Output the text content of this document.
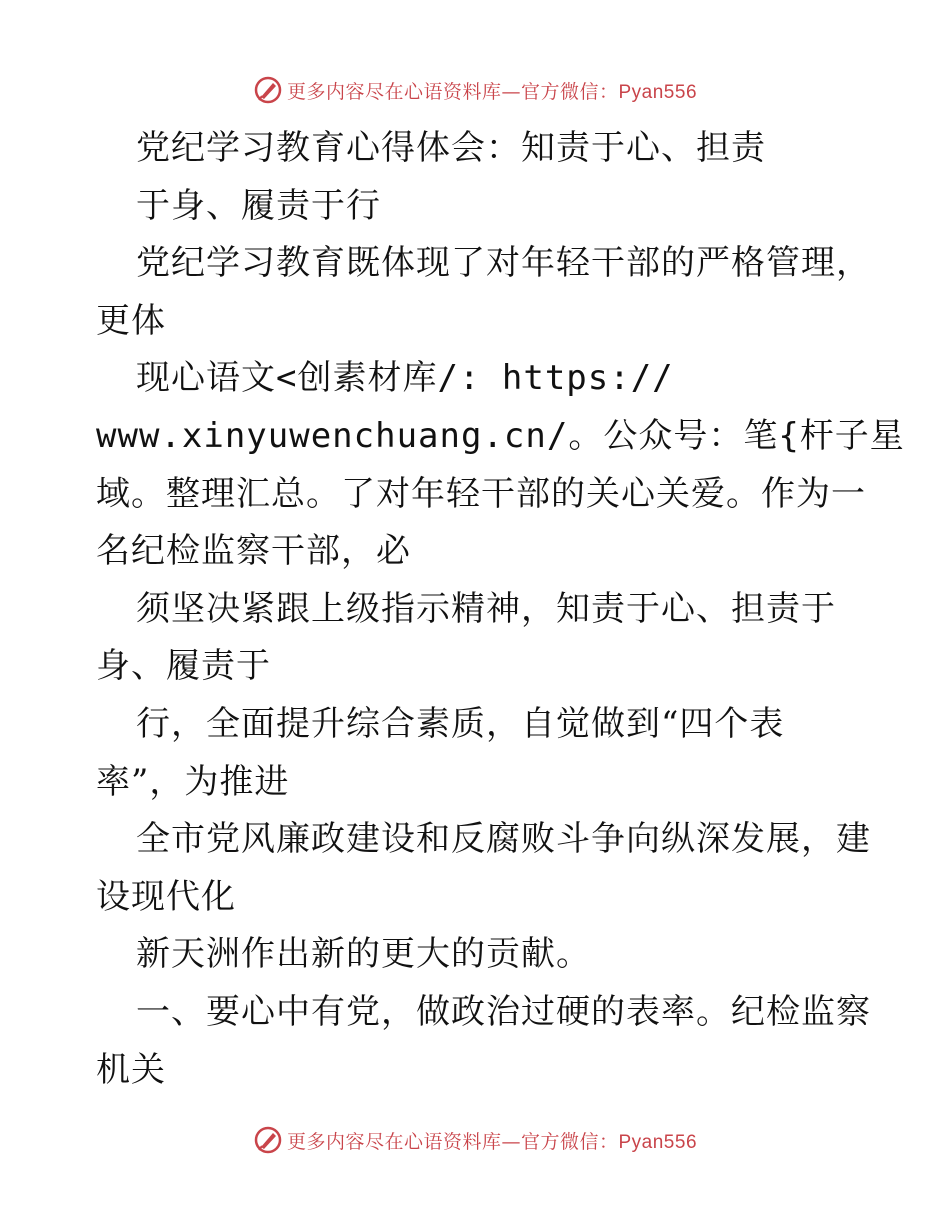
更多内容尽在心语资料库—官方微信：Pyan556
党纪学习教育心得体会：知责于心、担责
于身、履责于行
党纪学习教育既体现了对年轻干部的严格管理，
更体
现心语文<创素材库/: https://
www.xinyuwenchuang.cn/。公众号：笔{杆子星
域。整理汇总。了对年轻干部的关心关爱。作为一
名纪检监察干部，必
须坚决紧跟上级指示精神，知责于心、担责于
身、履责于
行，全面提升综合素质，自觉做到“四个表
率”，为推进
全市党风廉政建设和反腐败斗争向纵深发展，建
设现代化
新天洲作出新的更大的贡献。
一、要心中有党，做政治过硬的表率。纪检监察
机关
更多内容尽在心语资料库—官方微信：Pyan556
